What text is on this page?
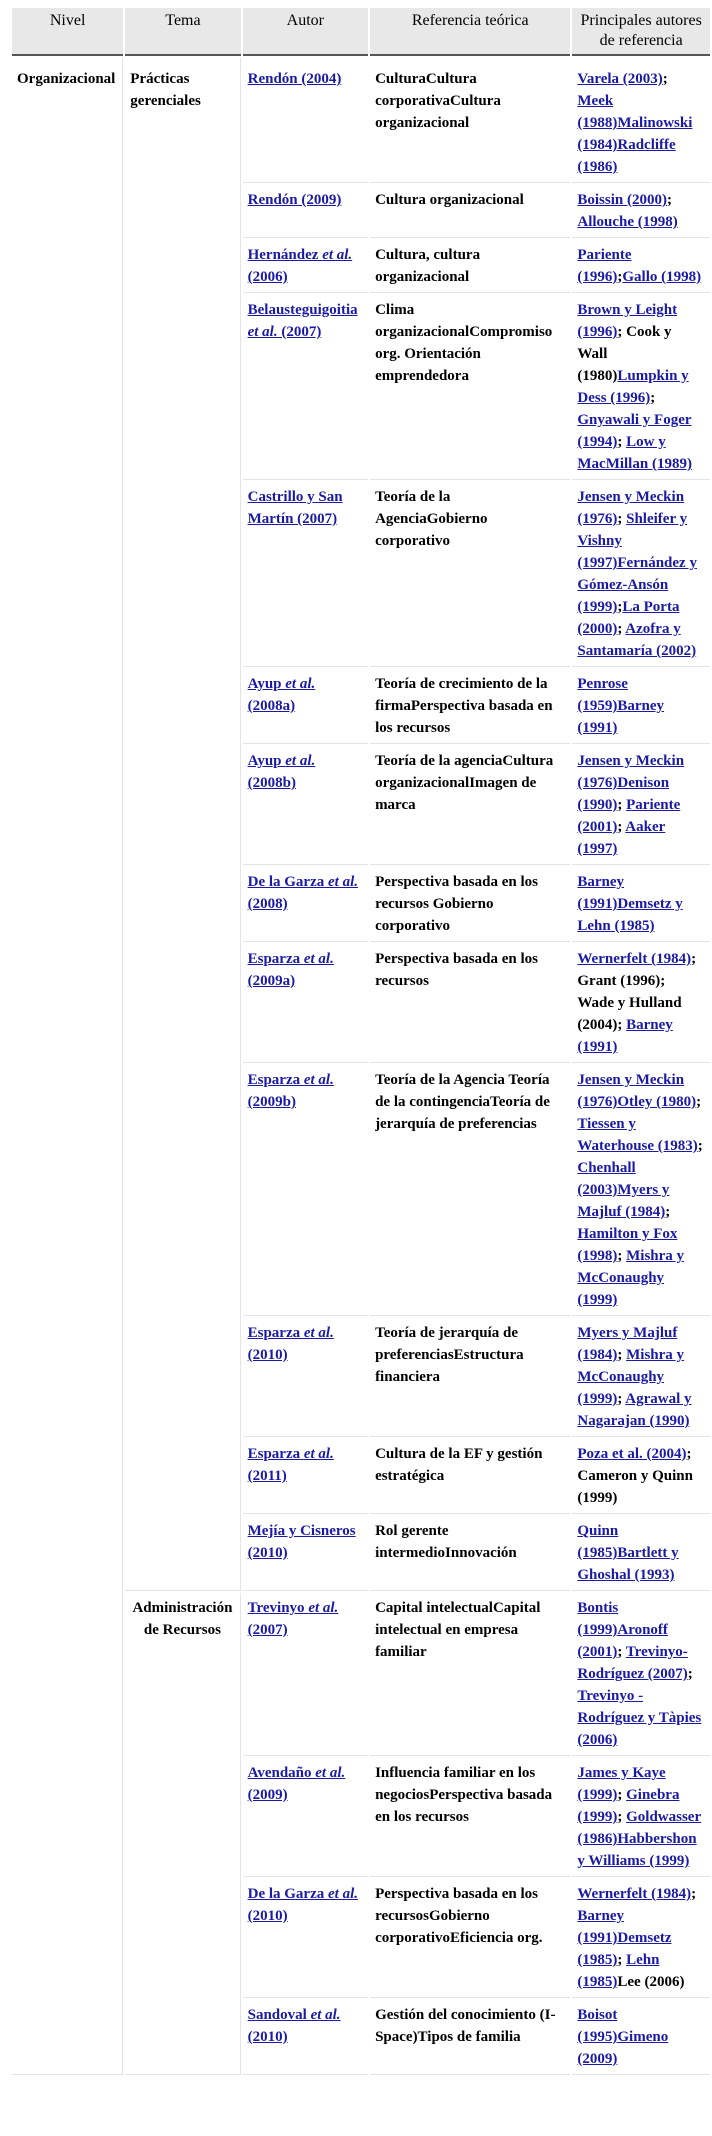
Nivel	Tema	Autor	Referencia teórica	Principales autores de referencia
Organizacional	Prácticas gerenciales	Rendón (2004)	CulturaCultura corporativaCultura organizacional	Varela (2003); Meek (1988)Malinowski (1984)Radcliffe (1986)
		Rendón (2009)	Cultura organizacional	Boissin (2000); Allouche (1998)
		Hernández et al. (2006)	Cultura, cultura organizacional	Pariente (1996);Gallo (1998)
		Belausteguigoitia et al. (2007)	Clima organizacionalCompromiso org. Orientación emprendedora	Brown y Leight (1996); Cook y Wall (1980)Lumpkin y Dess (1996); Gnyawali y Foger (1994); Low y MacMillan (1989)
		Castrillo y San Martín (2007)	Teoría de la AgenciaGobierno corporativo	Jensen y Meckin (1976); Shleifer y Vishny (1997)Fernández y Gómez-Ansón (1999);La Porta (2000); Azofra y Santamaría (2002)
		Ayup et al. (2008a)	Teoría de crecimiento de la firmaPerspectiva basada en los recursos	Penrose (1959)Barney (1991)
		Ayup et al. (2008b)	Teoría de la agenciaCultura organizacionalImagen de marca	Jensen y Meckin (1976)Denison (1990); Pariente (2001); Aaker (1997)
		De la Garza et al. (2008)	Perspectiva basada en los recursos Gobierno corporativo	Barney (1991)Demsetz y Lehn (1985)
		Esparza et al. (2009a)	Perspectiva basada en los recursos	Wernerfelt (1984); Grant (1996); Wade y Hulland (2004); Barney (1991)
		Esparza et al. (2009b)	Teoría de la Agencia Teoría de la contingenciaTeoría de jerarquía de preferencias	Jensen y Meckin (1976)Otley (1980); Tiessen y Waterhouse (1983); Chenhall (2003)Myers y Majluf (1984); Hamilton y Fox (1998); Mishra y McConaughy (1999)
		Esparza et al. (2010)	Teoría de jerarquía de preferenciasEstructura financiera	Myers y Majluf (1984); Mishra y McConaughy (1999); Agrawal y Nagarajan (1990)
		Esparza et al. (2011)	Cultura de la EF y gestión estratégica	Poza et al. (2004); Cameron y Quinn (1999)
		Mejía y Cisneros (2010)	Rol gerente intermedioInnovación	Quinn (1985)Bartlett y Ghoshal (1993)
	Administración de Recursos	Trevinyo et al. (2007)	Capital intelectualCapital intelectual en empresa familiar	Bontis (1999)Aronoff (2001); Trevinyo-Rodríguez (2007); Trevinyo - Rodríguez y Tàpies (2006)
		Avendaño et al. (2009)	Influencia familiar en los negociosPerspectiva basada en los recursos	James y Kaye (1999); Ginebra (1999); Goldwasser (1986)Habbershon y Williams (1999)
		De la Garza et al. (2010)	Perspectiva basada en los recursosGobierno corporativoEficiencia org.	Wernerfelt (1984); Barney (1991)Demsetz (1985); Lehn (1985)Lee (2006)
		Sandoval et al. (2010)	Gestión del conocimiento (I-Space)Tipos de familia	Boisot (1995)Gimeno (2009)
